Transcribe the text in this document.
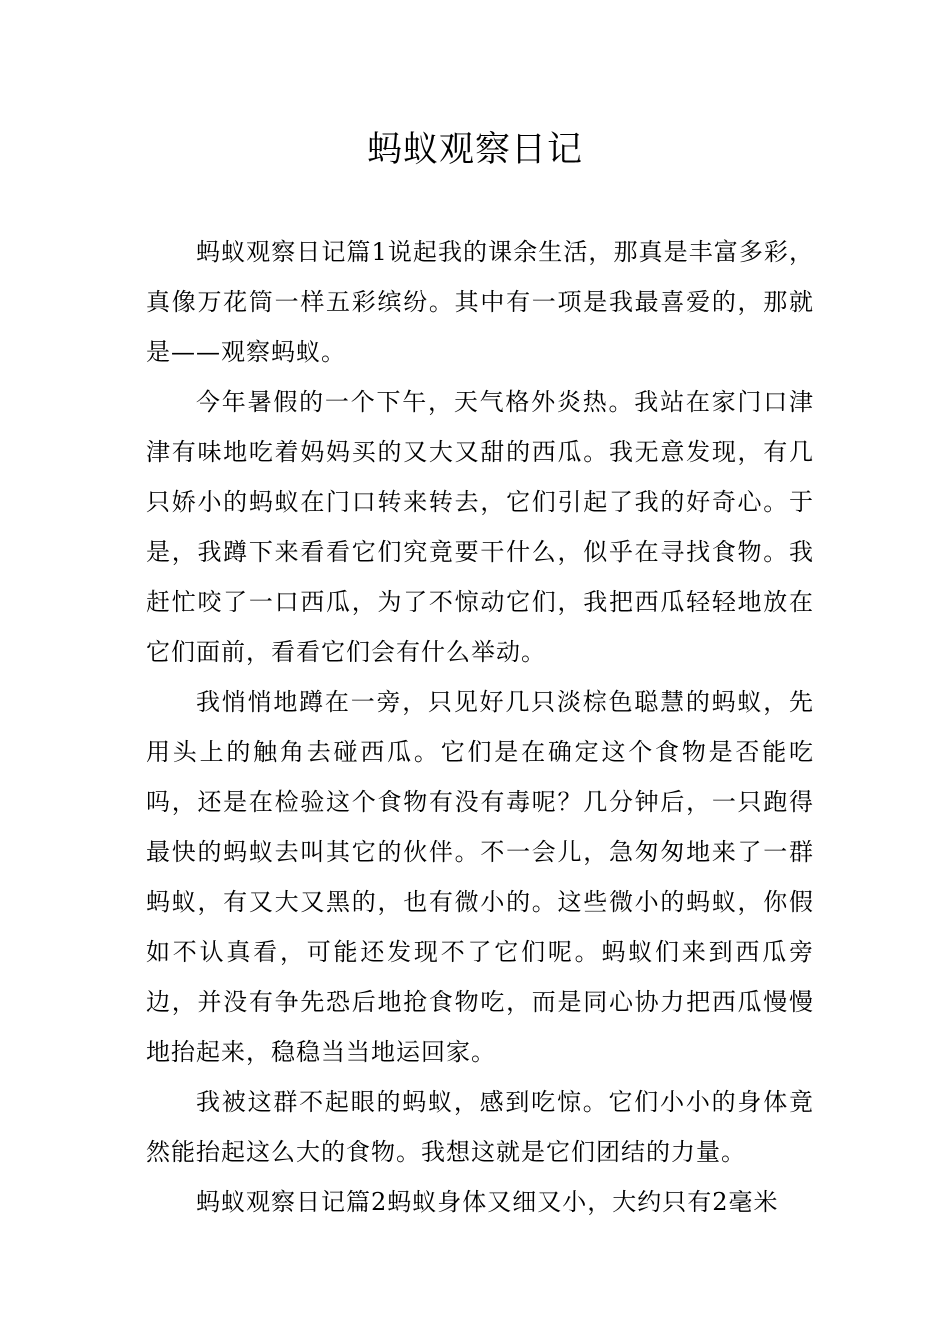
蚂蚁观察日记

蚂蚁观察日记篇1说起我的课余生活，那真是丰富多彩，真像万花筒一样五彩缤纷。其中有一项是我最喜爱的，那就是——观察蚂蚁。

今年暑假的一个下午，天气格外炎热。我站在家门口津津有味地吃着妈妈买的又大又甜的西瓜。我无意发现，有几只娇小的蚂蚁在门口转来转去，它们引起了我的好奇心。于是，我蹲下来看看它们究竟要干什么，似乎在寻找食物。我赶忙咬了一口西瓜，为了不惊动它们，我把西瓜轻轻地放在它们面前，看看它们会有什么举动。

我悄悄地蹲在一旁，只见好几只淡棕色聪慧的蚂蚁，先用头上的触角去碰西瓜。它们是在确定这个食物是否能吃吗，还是在检验这个食物有没有毒呢？几分钟后，一只跑得最快的蚂蚁去叫其它的伙伴。不一会儿，急匆匆地来了一群蚂蚁，有又大又黑的，也有微小的。这些微小的蚂蚁，你假如不认真看，可能还发现不了它们呢。蚂蚁们来到西瓜旁边，并没有争先恐后地抢食物吃，而是同心协力把西瓜慢慢地抬起来，稳稳当当地运回家。

我被这群不起眼的蚂蚁，感到吃惊。它们小小的身体竟然能抬起这么大的食物。我想这就是它们团结的力量。

蚂蚁观察日记篇2蚂蚁身体又细又小，大约只有2毫米
